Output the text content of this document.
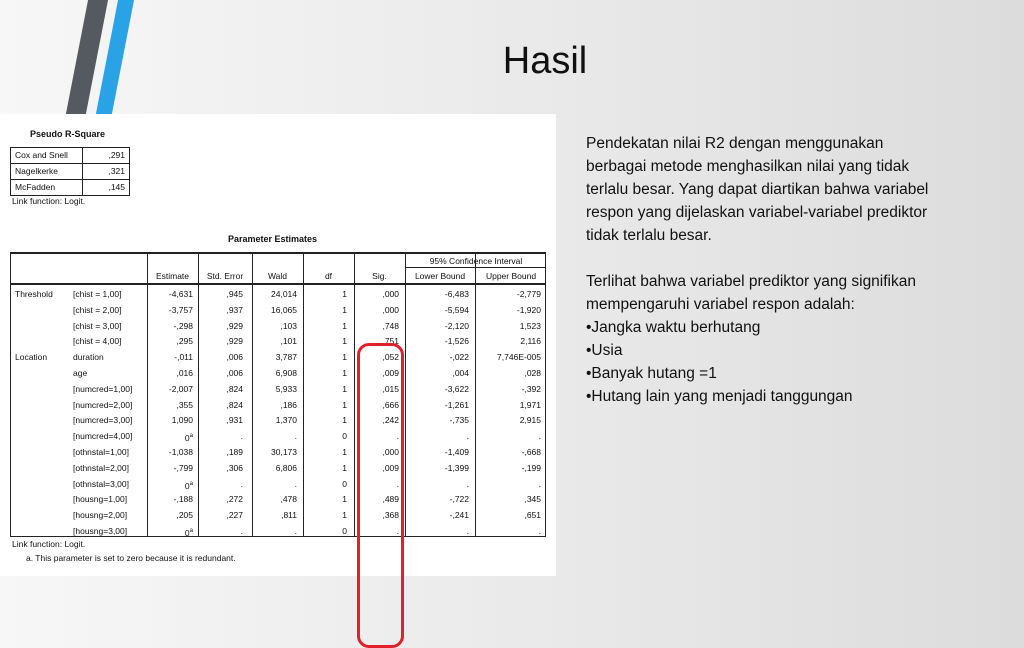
Hasil
Pseudo R-Square
Cox and Snell	,291
Nagelkerke	,321
McFadden	,145
Link function: Logit.
Parameter Estimates
95% Confidence Interval
Estimate	Std. Error	Wald	df	Sig.	Lower Bound	Upper Bound
Threshold	[chist = 1,00]	-4,631	,945	24,014	1	,000	-6,483	-2,779
[chist = 2,00]	-3,757	,937	16,065	1	,000	-5,594	-1,920
[chist = 3,00]	-,298	,929	,103	1	,748	-2,120	1,523
[chist = 4,00]	,295	,929	,101	1	,751	-1,526	2,116
Location	duration	-,011	,006	3,787	1	,052	-,022	7,746E-005
age	,016	,006	6,908	1	,009	,004	,028
[numcred=1,00]	-2,007	,824	5,933	1	,015	-3,622	-,392
[numcred=2,00]	,355	,824	,186	1	,666	-1,261	1,971
[numcred=3,00]	1,090	,931	1,370	1	,242	-,735	2,915
[numcred=4,00]	0$^a$	.	.	0	.	.	.
[othnstal=1,00]	-1,038	,189	30,173	1	,000	-1,409	-,668
[othnstal=2,00]	-,799	,306	6,806	1	,009	-1,399	-,199
[othnstal=3,00]	0$^a$	.	.	0	.	.	.
[housng=1,00]	-,188	,272	,478	1	,489	-,722	,345
[housng=2,00]	,205	,227	,811	1	,368	-,241	,651
[housng=3,00]	0$^a$	.	.	0	.	.	.
Link function: Logit.
a. This parameter is set to zero because it is redundant.

Pendekatan nilai R2 dengan menggunakan berbagai metode menghasilkan nilai yang tidak terlalu besar. Yang dapat diartikan bahwa variabel respon yang dijelaskan variabel-variabel prediktor tidak terlalu besar.

Terlihat bahwa variabel prediktor yang signifikan mempengaruhi variabel respon adalah:

•Jangka waktu berhutang

•Usia

•Banyak hutang =1

•Hutang lain yang menjadi tanggungan
